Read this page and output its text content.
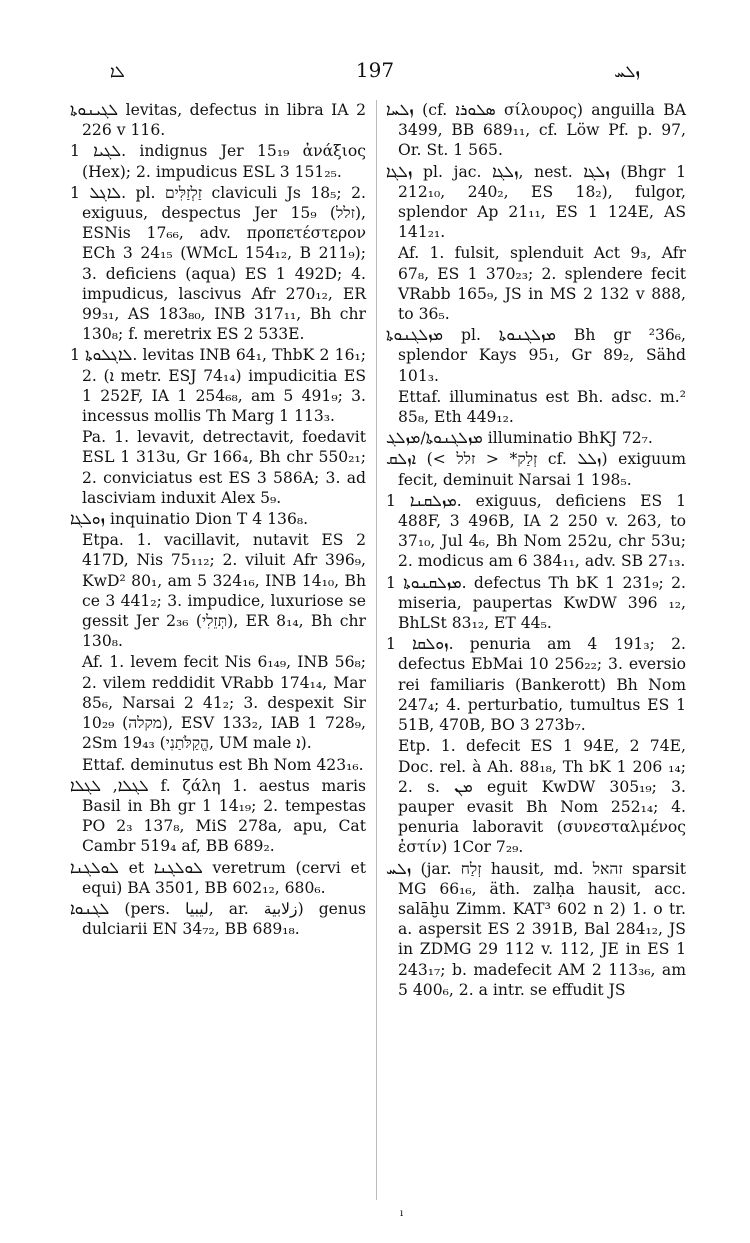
ܠܐ	197	ܙܠܚ

ܠܓܝܢܘܬܐ levitas, defectus in libra IA 2 226 v 116.

ܠܓܝܐ 1. indignus Jer 15₁₉ ἀνάξιος (Hex); 2. impudicus ESL 3 151₂₅.

ܠܐܓܠ 1. pl. זַלְזַלִּים claviculi Js 18₅; 2. exiguus, despectus Jer 15₉ (זלל), ESNis 17₆₆, adv. προπετέστερον ECh 3 24₁₅ (WMcL 154₁₂, B 211₉); 3. deficiens (aqua) ES 1 492D; 4. impudicus, lascivus Afr 270₁₂, ER 99₃₁, AS 183₈₀, INB 317₁₁, Bh chr 130₈; f. meretrix ES 2 533E.

ܠܐܓܠܘܬܐ 1. levitas INB 64₁, ThbK 2 16₁; 2. (ܐ metr. ESJ 74₁₄) impudicitia ES 1 252F, IA 1 254₆₈, am 5 491₉; 3. incessus mollis Th Marg 1 113₃.

Pa. 1. levavit, detrectavit, foedavit ESL 1 313u, Gr 166₄, Bh chr 550₂₁; 2. conviciatus est ES 3 586A; 3. ad lasciviam induxit Alex 5₉.

ܙܘܠܓܐ inquinatio Dion T 4 136₈.

Etpa. 1. vacillavit, nutavit ES 2 417D, Nis 75₁₁₂; 2. viluit Afr 396₉, KwD² 80₁, am 5 324₁₆, INB 14₁₀, Bh ce 3 441₂; 3. impudice, luxuriose se gessit Jer 2₃₆ (תְּזֵלִי), ER 8₁₄, Bh chr 130₈.

Af. 1. levem fecit Nis 6₁₄₉, INB 56₈; 2. vilem reddidit VRabb 174₁₄, Mar 85₆, Narsai 2 41₂; 3. despexit Sir 10₂₉ (מקלה), ESV 133₂, IAB 1 728₉, 2Sm 19₄₃ (הֱקַלֹּתַנִי, UM male ܐ).

Ettaf. deminutus est Bh Nom 423₁₆.

ܠܓܠܐ, ܠܓܠܐ f. ζάλη 1. aestus maris Basil in Bh gr 1 14₁₉; 2. tempestas PO 2₃ 137₈, MiS 278a, apu, Cat Cambr 519₄ af, BB 689₂.

ܠܘܠܓܢܐ et ܠܘܠܓܢܐ veretrum (cervi et equi) BA 3501, BB 602₁₂, 680₆.

ܠܓܢܘܐ (pers. ﻟﻴﺒﻴﺎ, ar. ﺯﻻﺑﻴﺔ) genus dulciarii EN 34₇₂, BB 689₁₈.

ܙܠܚܐ (cf. ܣܠܘܪܐ σίλουρος) anguilla BA 3499, BB 689₁₁, cf. Löw Pf. p. 97, Or. St. 1 565.

ܙܠܓܐ pl. jac. ܙܠܓܐ, nest. ܙܠܓܐ (Bhgr 1 212₁₀, 240₂, ES 18₂), fulgor, splendor Ap 21₁₁, ES 1 124E, AS 141₂₁.

Af. 1. fulsit, splenduit Act 9₃, Afr 67₈, ES 1 370₂₃; 2. splendere fecit VRabb 165₉, JS in MS 2 132 v 888, to 36₅.

ܡܙܠܓܢܘܬܐ pl. ܡܙܠܓܢܘܬܐ Bh gr ²36₆, splendor Kays 95₁, Gr 89₂, Sähd 101₃.

Ettaf. illuminatus est Bh. adsc. m.² 85₈, Eth 449₁₂.

ܡܙܠܓܢܘܬܐ/ܡܙܠܓ illuminatio BhKJ 72₇.

ܐܙܠܩ (< זְלַק* < זלל cf. ܙܠܠ) exiguum fecit, deminuit Narsai 1 198₅.

ܡܙܠܩܢܐ 1. exiguus, deficiens ES 1 488F, 3 496B, IA 2 250 v. 263, to 37₁₀, Jul 4₆, Bh Nom 252u, chr 53u; 2. modicus am 6 384₁₁, adv. SB 27₁₃.

ܡܙܠܩܢܘܬܐ 1. defectus Th bK 1 231₉; 2. miseria, paupertas KwDW 396 ₁₂, BhLSt 83₁₂, ET 44₅.

ܙܘܠܩܐ 1. penuria am 4 191₃; 2. defectus EbMai 10 256₂₂; 3. eversio rei familiaris (Bankerott) Bh Nom 247₄; 4. perturbatio, tumultus ES 1 51B, 470B, BO 3 273b₇.

Etp. 1. defecit ES 1 94E, 2 74E, Doc. rel. à Ah. 88₁₈, Th bK 1 206 ₁₄; 2. s. ܡܢ eguit KwDW 305₁₉; 3. pauper evasit Bh Nom 252₁₄; 4. penuria laboravit (συνεσταλμένος ἐστίν) 1Cor 7₂₉.

ܙܠܚ (jar. זְלַח hausit, md. זהאל sparsit MG 66₁₆, äth. zalḥa hausit, acc. salāḫu Zimm. KAT³ 602 n 2) 1. o tr. a. aspersit ES 2 391B, Bal 284₁₂, JS in ZDMG 29 112 v. 112, JE in ES 1 243₁₇; b. madefecit AM 2 113₃₆, am 5 400₆, 2. a intr. se effudit JS

ı
